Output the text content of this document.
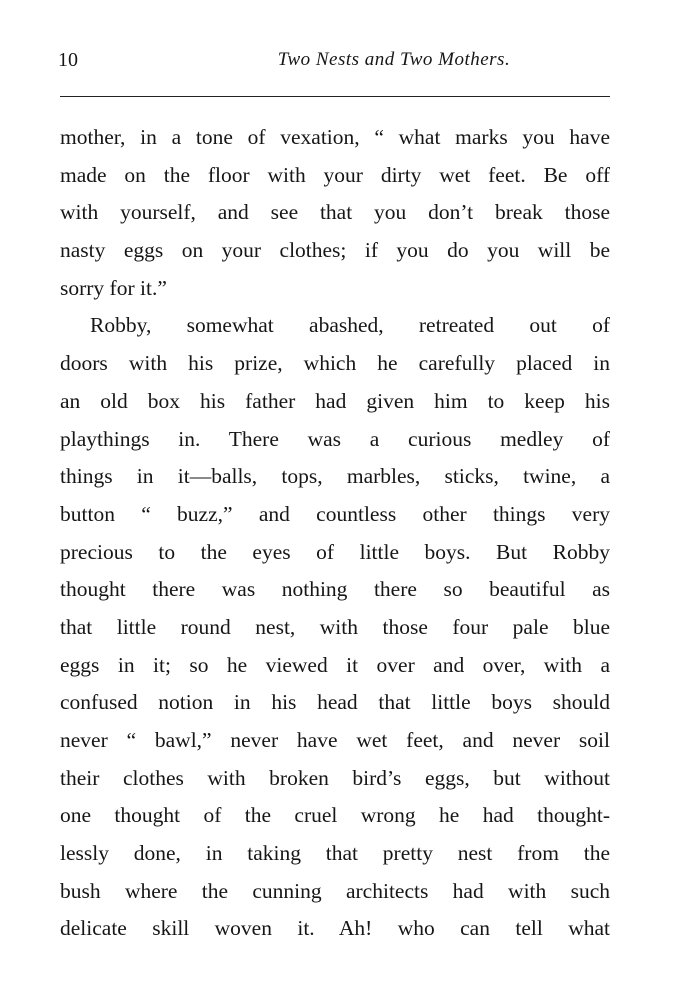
10	Two Nests and Two Mothers.
mother, in a tone of vexation, “ what marks you have
made on the floor with your dirty wet feet. Be off
with yourself, and see that you don’t break those
nasty eggs on your clothes; if you do you will be
sorry for it.”
Robby, somewhat abashed, retreated out of
doors with his prize, which he carefully placed in
an old box his father had given him to keep his
playthings in. There was a curious medley of
things in it—balls, tops, marbles, sticks, twine, a
button “ buzz,” and countless other things very
precious to the eyes of little boys. But Robby
thought there was nothing there so beautiful as
that little round nest, with those four pale blue
eggs in it; so he viewed it over and over, with a
confused notion in his head that little boys should
never “ bawl,” never have wet feet, and never soil
their clothes with broken bird’s eggs, but without
one thought of the cruel wrong he had thought-
lessly done, in taking that pretty nest from the
bush where the cunning architects had with such
delicate skill woven it. Ah! who can tell what
